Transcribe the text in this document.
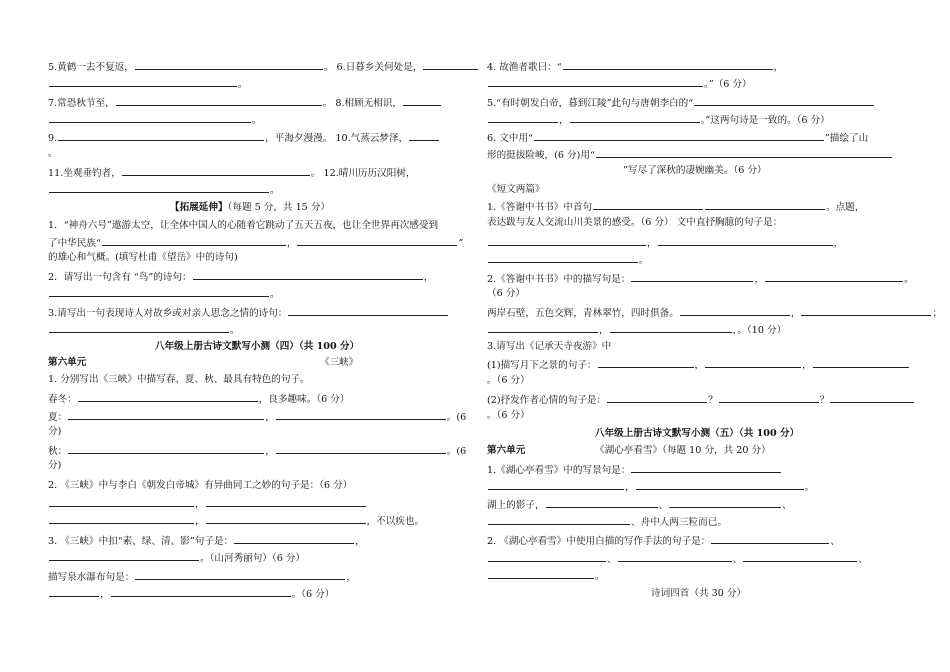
5.黄鹤一去不复返，	。 6.日暮乡关何处是，
。
7.常恐秋节至，	。 8.相顾无相识，
。
9.	，平海夕漫漫。 10.气蒸云梦泽，
。
11.坐观垂钓者，	。 12.晴川历历汉阳树，
。
【拓展延伸】（每题 5 分，共 15 分）
1．“神舟六号”遨游太空，让全体中国人的心随着它跳动了五天五夜，也让全世界再次感受到
了中华民族“	，	”
的雄心和气概。(填写杜甫《望岳》中的诗句)
2．请写出一句含有 “鸟”的诗句：	，
。
3.请写出一句表现诗人对故乡或对亲人思念之情的诗句：
。
八年级上册古诗文默写小测（四）（共 100 分）
第六单元	《三峡》
1. 分别写出《三峡》中描写春、夏、秋、最具有特色的句子。
春冬：	，良多趣味。（6 分）
夏：	，	。(6
分)
秋：	，	。(6
分)
2. 《三峡》中与李白《朝发白帝城》有异曲同工之妙的句子是：（6 分）
，
，	，不以疾也。
3. 《三峡》中扣“素、绿、清、影”句子是：	，
。（山河秀丽句）（6 分）
描写泉水瀑布句是：	，
，	。（6 分）
4. 故渔者歌曰：“	，
。”（6 分）
5.“有时朝发白帝，暮到江陵”此句与唐朝李白的“
，	。”这两句诗是一致的。（6 分）
6. 文中用“	”描绘了山
形的挺拔险峻，(6 分)用“
”写尽了深秋的凄婉幽美。（6 分）
《短文两篇》
1.《答谢中书书》中首句	。点题，
表达跋与友人交流山川美景的感受。（6 分） 文中直抒胸臆的句子是：
，	，
。
2.《答谢中书书》中的描写句是：	，	。
（6 分）
两岸石壁，五色交辉，青林翠竹，四时俱备。	，	；
，	，。（10 分）
3.请写出《记承天寺夜游》中
(1)描写月下之景的句子：	，	，
。（6 分）
(2)抒发作者心情的句子是：	？	？
。（6 分）
八年级上册古诗文默写小测（五）（共 100 分）
第六单元	《湖心亭看雪》（每题 10 分，共 20 分）
1.《湖心亭看雪》中的写景句是：
，	。
湖上的影子，	、	、
、舟中人两三粒而已。
2. 《湖心亭看雪》中使用白描的写作手法的句子是：	、
、	、	、
。
诗词四首（共 30 分）
